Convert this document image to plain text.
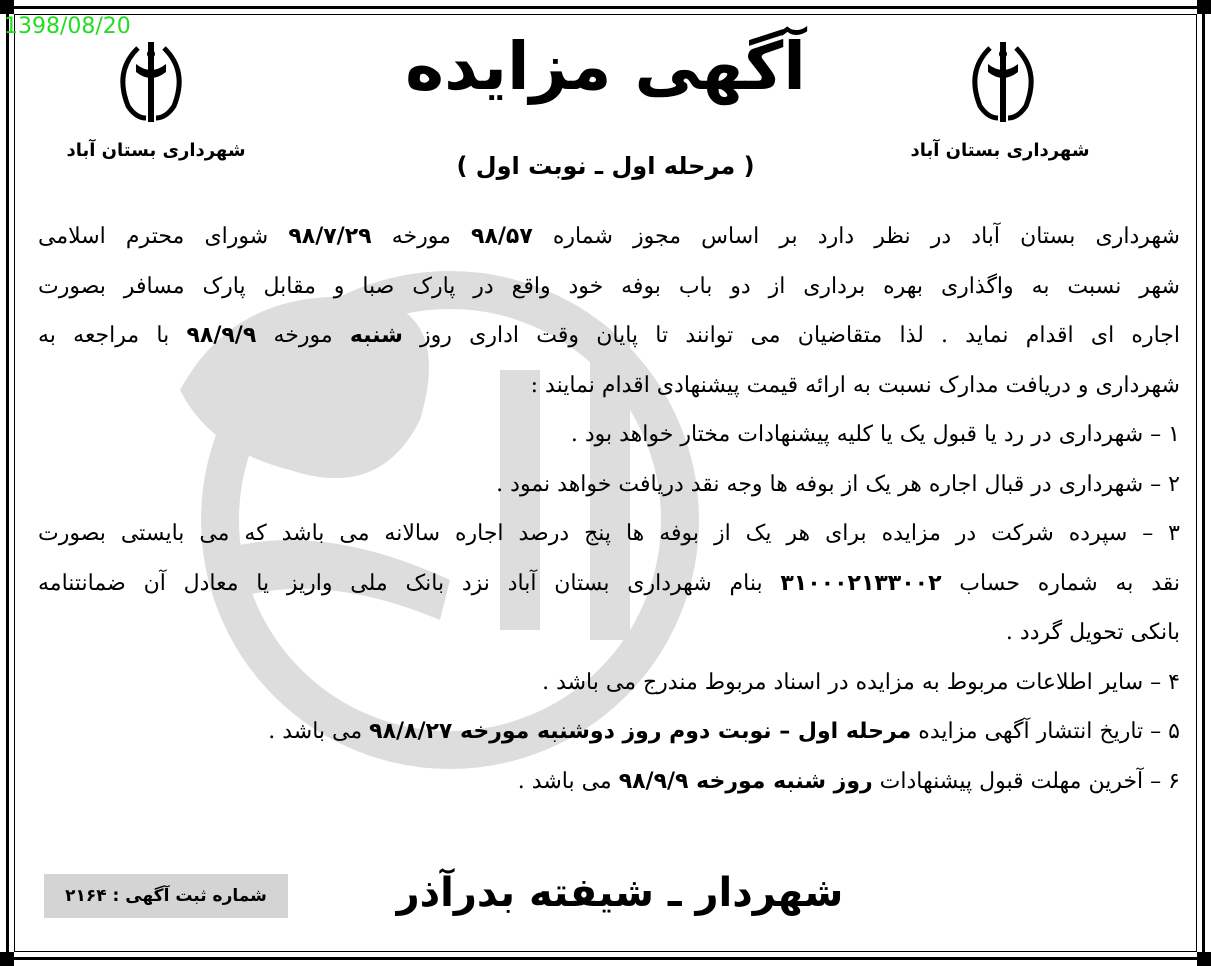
1398/08/20
شهرداری بستان آباد	شهرداری بستان آباد
آگهی مزایده
( مرحله اول ـ نوبت اول )
شهرداری بستان آباد در نظر دارد بر اساس مجوز شماره ۹۸/۵۷ مورخه ۹۸/۷/۲۹ شورای محترم اسلامی
شهر نسبت به واگذاری بهره برداری از دو باب بوفه خود واقع در پارک صبا و مقابل پارک مسافر بصورت
اجاره ای اقدام نماید . لذا متقاضیان می توانند تا پایان وقت اداری روز شنبه مورخه ۹۸/۹/۹ با مراجعه به
شهرداری و دریافت مدارک نسبت به ارائه قیمت پیشنهادی اقدام نمایند :
۱ – شهرداری در رد یا قبول یک یا کلیه پیشنهادات مختار خواهد بود .
۲ – شهرداری در قبال اجاره هر یک از بوفه ها وجه نقد دریافت خواهد نمود .
۳ – سپرده شرکت در مزایده برای هر یک از بوفه ها پنج درصد اجاره سالانه می باشد که می بایستی بصورت
نقد به شماره حساب ۳۱۰۰۰۲۱۳۳۰۰۲ بنام شهرداری بستان آباد نزد بانک ملی واریز یا معادل آن ضمانتنامه
بانکی تحویل گردد .
۴ – سایر اطلاعات مربوط به مزایده در اسناد مربوط مندرج می باشد .
۵ – تاریخ انتشار آگهی مزایده مرحله اول – نوبت دوم روز دوشنبه مورخه ۹۸/۸/۲۷ می باشد .
۶ – آخرین مهلت قبول پیشنهادات روز شنبه مورخه ۹۸/۹/۹ می باشد .
شماره ثبت آگهی : ۲۱۶۴	شهردار ـ شیفته بدرآذر
